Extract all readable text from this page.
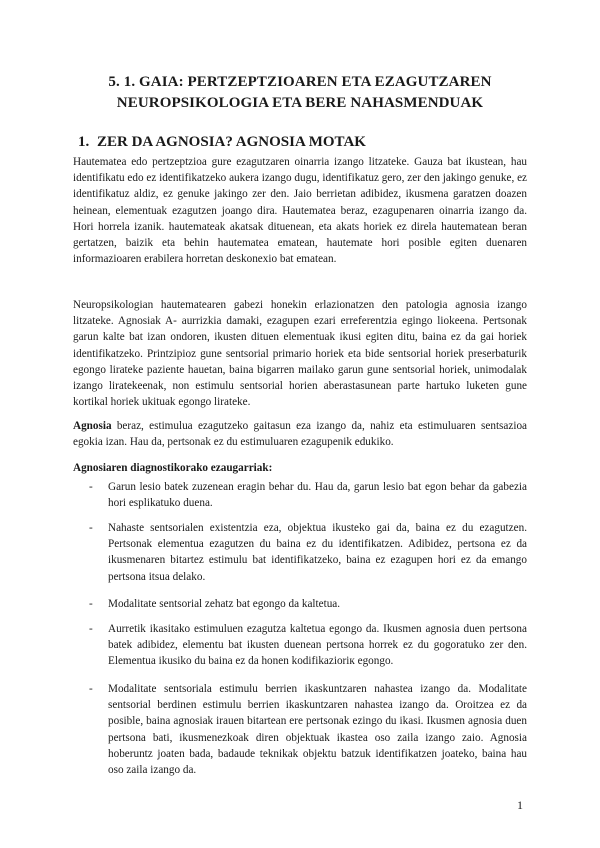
5. 1. GAIA: PERTZEPTZIOAREN ETA EZAGUTZAREN
NEUROPSIKOLOGIA ETA BERE NAHASMENDUAK
1. ZER DA AGNOSIA? AGNOSIA MOTAK

Hautematea edo pertzeptzioa gure ezagutzaren oinarria izango litzateke. Gauza bat ikustean, hau identifikatu edo ez identifikatzeko aukera izango dugu, identifikatuz gero, zer den jakingo genuke, ez identifikatuz aldiz, ez genuke jakingo zer den. Jaio berrietan adibidez, ikusmena garatzen doazen heinean, elementuak ezagutzen joango dira. Hautematea beraz, ezagupenaren oinarria izango da. Hori horrela izanik. hautemateak akatsak dituenean, eta akats horiek ez direla hautematean beran gertatzen, baizik eta behin hautematea ematean, hautemate hori posible egiten duenaren informazioaren erabilera horretan deskonexio bat ematean.

Neuropsikologian hautematearen gabezi honekin erlazionatzen den patologia agnosia izango litzateke. Agnosiak A- aurrizkia damaki, ezagupen ezari erreferentzia egingo liokeena. Pertsonak garun kalte bat izan ondoren, ikusten dituen elementuak ikusi egiten ditu, baina ez da gai horiek identifikatzeko. Printzipioz gune sentsorial primario horiek eta bide sentsorial horiek preserbaturik egongo lirateke paziente hauetan, baina bigarren mailako garun gune sentsorial horiek, unimodalak izango liratekeenak, non estimulu sentsorial horien aberastasunean parte hartuko luketen gune kortikal horiek ukituak egongo lirateke.

Agnosia beraz, estimulua ezagutzeko gaitasun eza izango da, nahiz eta estimuluaren sentsazioa egokia izan. Hau da, pertsonak ez du estimuluaren ezagupenik edukiko.

Agnosiaren diagnostikorako ezaugarriak:
- Garun lesio batek zuzenean eragin behar du. Hau da, garun lesio bat egon behar da gabezia hori esplikatuko duena.
- Nahaste sentsorialen existentzia eza, objektua ikusteko gai da, baina ez du ezagutzen. Pertsonak elementua ezagutzen du baina ez du identifikatzen. Adibidez, pertsona ez da ikusmenaren bitartez estimulu bat identifikatzeko, baina ez ezagupen hori ez da emango pertsona itsua delako.
- Modalitate sentsorial zehatz bat egongo da kaltetua.
- Aurretik ikasitako estimuluen ezagutza kaltetua egongo da. Ikusmen agnosia duen pertsona batek adibidez, elementu bat ikusten duenean pertsona horrek ez du gogoratuko zer den. Elementua ikusiko du baina ez da honen kodifikazioriк egongo.
- Modalitate sentsoriala estimulu berrien ikaskuntzaren nahastea izango da. Modalitate sentsorial berdinen estimulu berrien ikaskuntzaren nahastea izango da. Oroitzea ez da posible, baina agnosiak irauen bitartean ere pertsonak ezingo du ikasi. Ikusmen agnosia duen pertsona bati, ikusmenezkoak diren objektuak ikastea oso zaila izango zaio. Agnosia hoberuntz joaten bada, badaude teknikak objektu batzuk identifikatzen joateko, baina hau oso zaila izango da.
1
